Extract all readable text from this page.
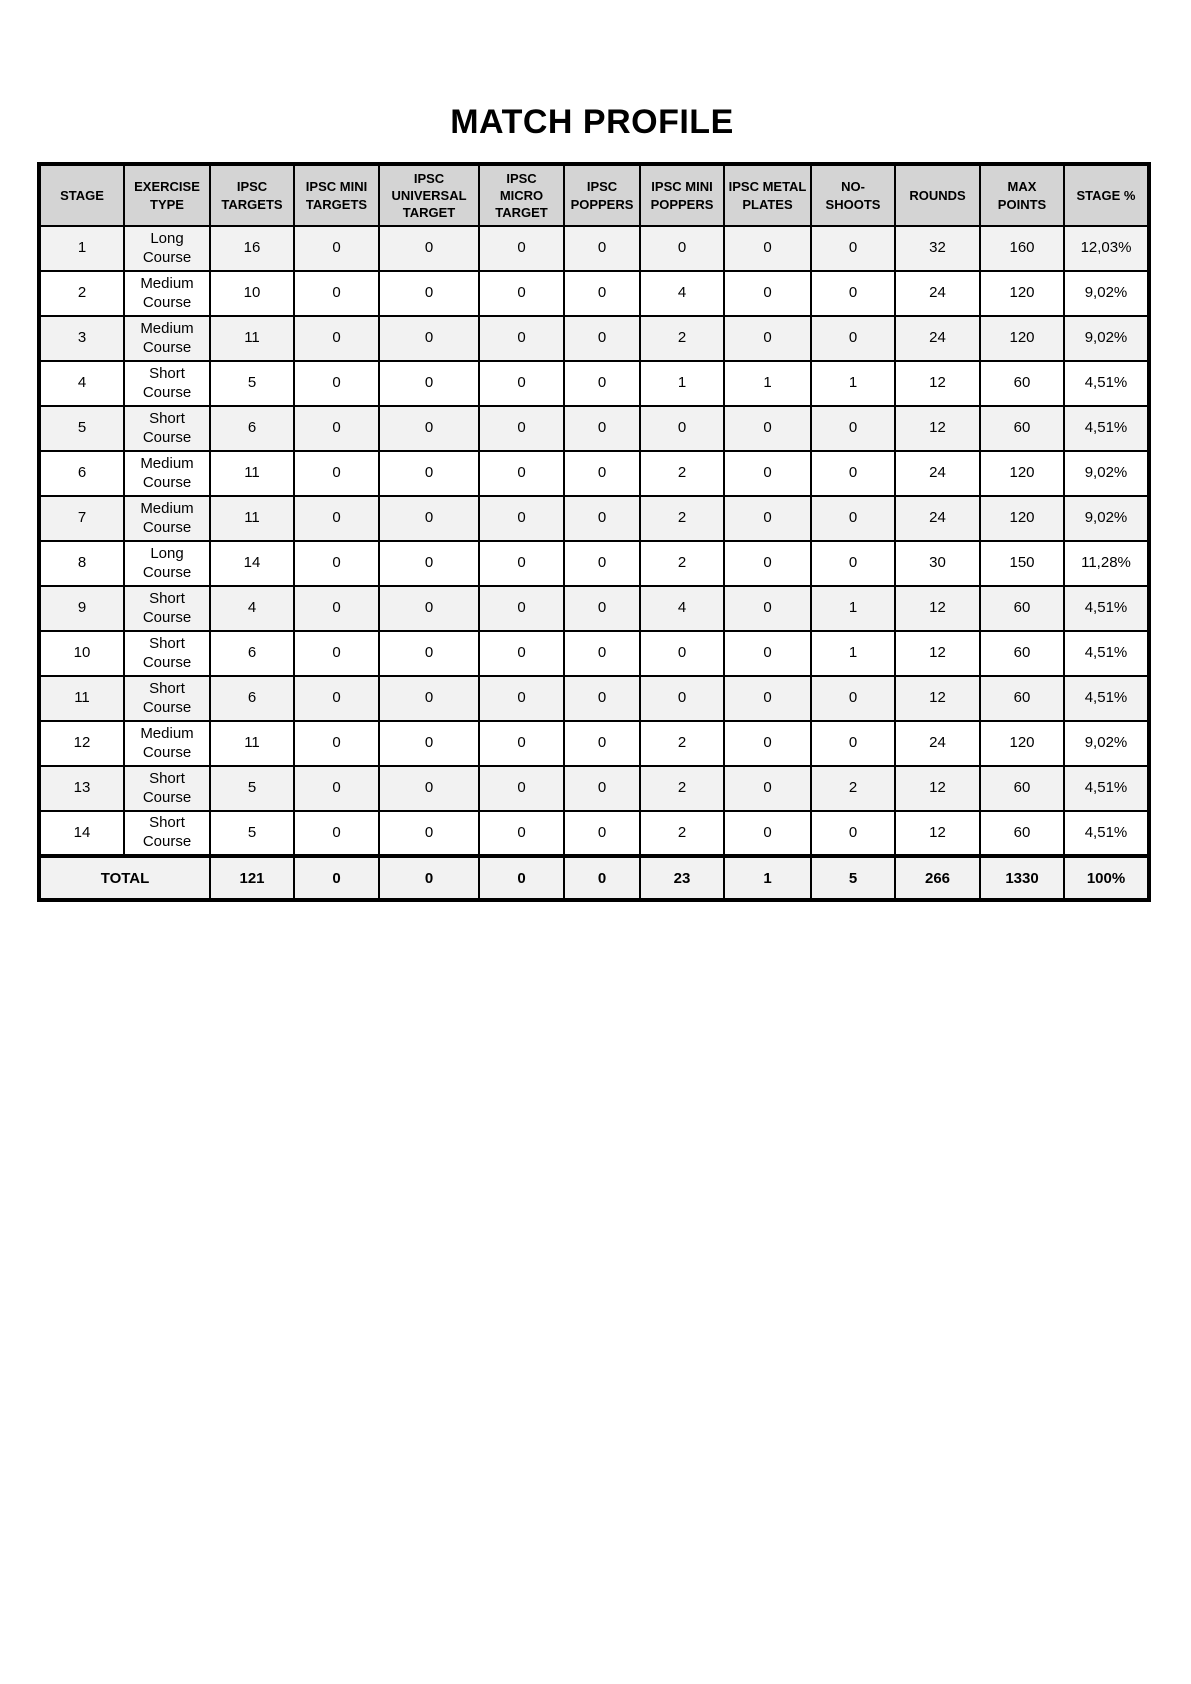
MATCH PROFILE
STAGE	EXERCISE TYPE	IPSC TARGETS	IPSC MINI TARGETS	IPSC UNIVERSAL TARGET	IPSC MICRO TARGET	IPSC POPPERS	IPSC MINI POPPERS	IPSC METAL PLATES	NO-SHOOTS	ROUNDS	MAX POINTS	STAGE %
1	Long Course	16	0	0	0	0	0	0	0	32	160	12,03%
2	Medium Course	10	0	0	0	0	4	0	0	24	120	9,02%
3	Medium Course	11	0	0	0	0	2	0	0	24	120	9,02%
4	Short Course	5	0	0	0	0	1	1	1	12	60	4,51%
5	Short Course	6	0	0	0	0	0	0	0	12	60	4,51%
6	Medium Course	11	0	0	0	0	2	0	0	24	120	9,02%
7	Medium Course	11	0	0	0	0	2	0	0	24	120	9,02%
8	Long Course	14	0	0	0	0	2	0	0	30	150	11,28%
9	Short Course	4	0	0	0	0	4	0	1	12	60	4,51%
10	Short Course	6	0	0	0	0	0	0	1	12	60	4,51%
11	Short Course	6	0	0	0	0	0	0	0	12	60	4,51%
12	Medium Course	11	0	0	0	0	2	0	0	24	120	9,02%
13	Short Course	5	0	0	0	0	2	0	2	12	60	4,51%
14	Short Course	5	0	0	0	0	2	0	0	12	60	4,51%
TOTAL		121	0	0	0	0	23	1	5	266	1330	100%
